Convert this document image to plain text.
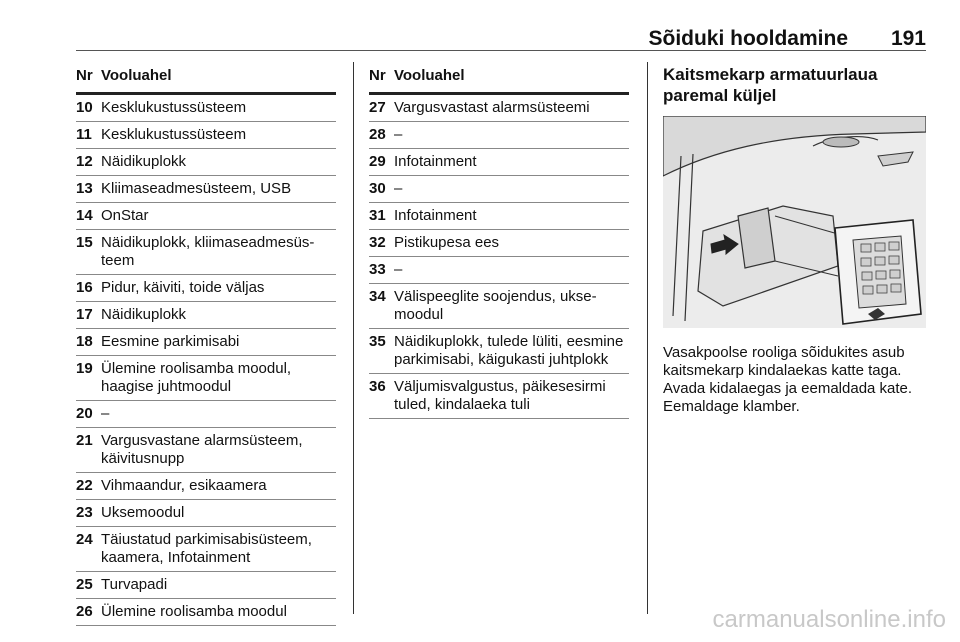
Sõiduki hooldamine 191
Nr Vooluahel
10 Kesklukustussüsteem
11 Kesklukustussüsteem
12 Näidikuplokk
13 Kliimaseadmesüsteem, USB
14 OnStar
15 Näidikuplokk, kliimaseadmesüs-teem
16 Pidur, käiviti, toide väljas
17 Näidikuplokk
18 Eesmine parkimisabi
19 Ülemine roolisamba moodul, haagise juhtmoodul
20 –
21 Vargusvastane alarmsüsteem, käivitusnupp
22 Vihmaandur, esikaamera
23 Uksemoodul
24 Täiustatud parkimisabisüsteem, kaamera, Infotainment
25 Turvapadi
26 Ülemine roolisamba moodul
Nr Vooluahel
27 Vargusvastast alarmsüsteemi
28 –
29 Infotainment
30 –
31 Infotainment
32 Pistikupesa ees
33 –
34 Välispeeglite soojendus, ukse-moodul
35 Näidikuplokk, tulede lüliti, eesmine parkimisabi, käigukasti juhtplokk
36 Väljumisvalgustus, päikesesirmi tuled, kindalaeka tuli
Kaitsmekarp armatuurlaua
paremal küljel
Vasakpoolse rooliga sõidukites asub kaitsmekarp kindalaekas katte taga. Avada kidalaegas ja eemaldada kate. Eemaldage klamber.
carmanualsonline.info
